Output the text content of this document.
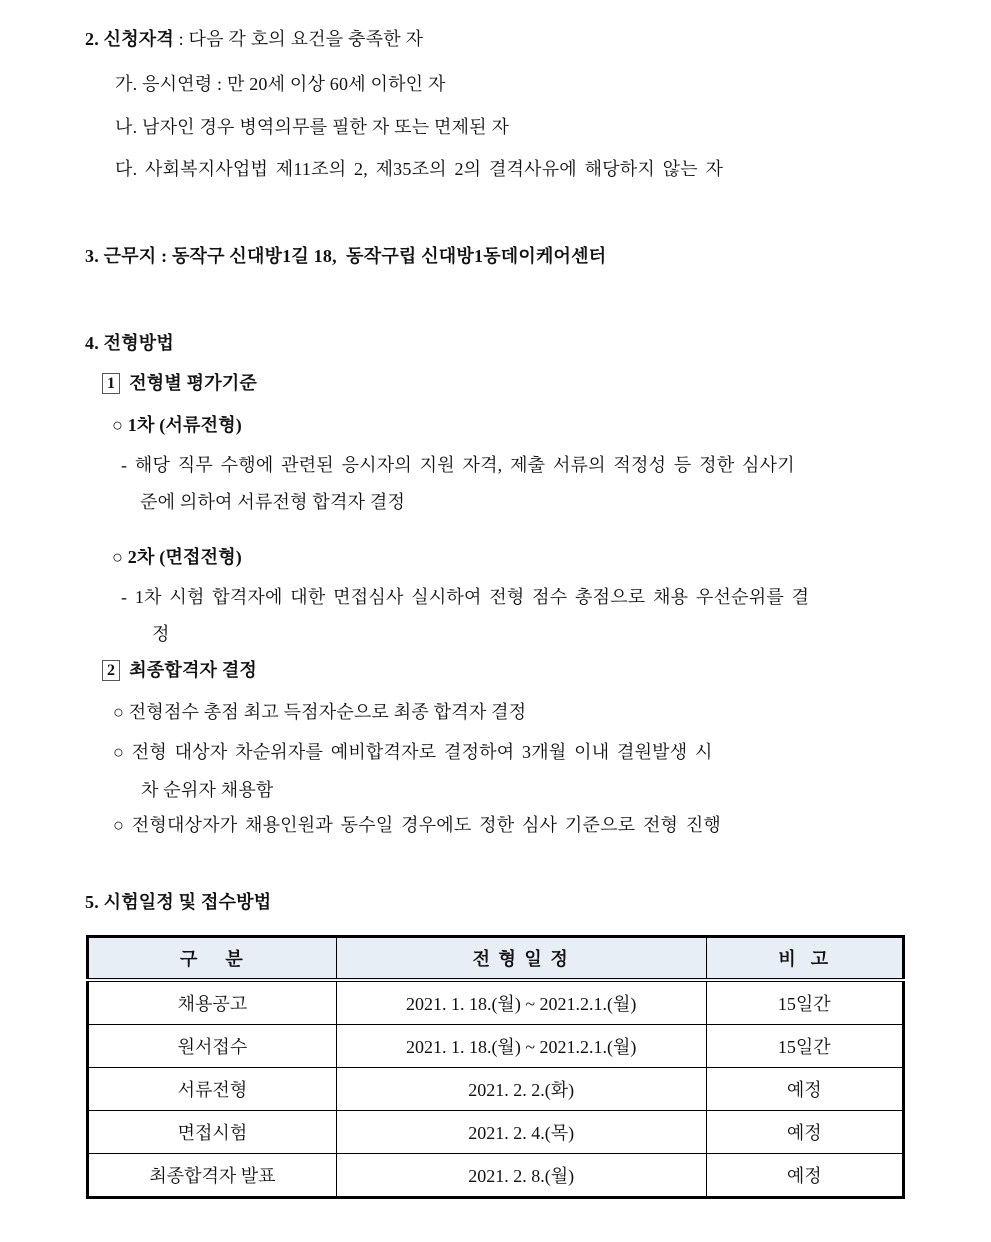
2. 신청자격 : 다음 각 호의 요건을 충족한 자
가. 응시연령 : 만 20세 이상 60세 이하인 자
나. 남자인 경우 병역의무를 필한 자 또는 면제된 자
다. 사회복지사업법 제11조의 2, 제35조의 2의 결격사유에 해당하지 않는 자
3. 근무지 : 동작구 신대방1길 18,  동작구립 신대방1동데이케어센터
4. 전형방법
1 전형별 평가기준
○ 1차 (서류전형)
- 해당 직무 수행에 관련된 응시자의 지원 자격, 제출 서류의 적정성 등 정한 심사기
준에 의하여 서류전형 합격자 결정
○ 2차 (면접전형)
- 1차 시험 합격자에 대한 면접심사 실시하여 전형 점수 총점으로 채용 우선순위를 결
정
2 최종합격자 결정
○ 전형점수 총점 최고 득점자순으로 최종 합격자 결정
○ 전형 대상자 차순위자를 예비합격자로 결정하여 3개월 이내 결원발생 시
차 순위자 채용함
○ 전형대상자가 채용인원과 동수일 경우에도 정한 심사 기준으로 전형 진행
5. 시험일정 및 접수방법
구    분	전 형 일 정	비  고
채용공고	2021. 1. 18.(월) ~ 2021.2.1.(월)	15일간
원서접수	2021. 1. 18.(월) ~ 2021.2.1.(월)	15일간
서류전형	2021. 2. 2.(화)	예정
면접시험	2021. 2. 4.(목)	예정
최종합격자 발표	2021. 2. 8.(월)	예정
